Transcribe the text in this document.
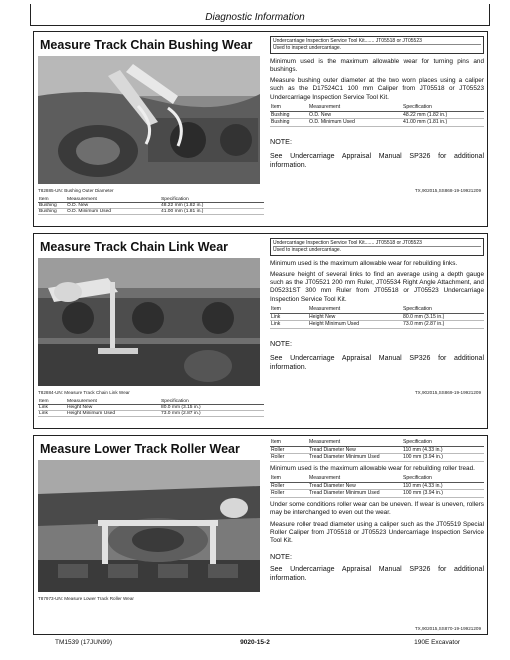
Diagnostic Information
Measure Track Chain Bushing Wear
T82885-UN: Bushing Outer Diameter	TX,902015,SS868-19-19921209
Item	Measurement	Specification
Bushing	O.D. New	48.22 mm (1.82 in.)
Bushing	O.D. Minimum Used	41.00 mm (1.81 in.)
Undercarriage Inspection Service Tool Kit....... JT05518 or JT05523
Used to inspect undercarriage.
Minimum used is the maximum allowable wear for turning pins and bushings.
Measure bushing outer diameter at the two worn places using a caliper such as the D17524C1 100 mm Caliper from JT05518 or JT05523 Undercarriage Inspection Service Tool Kit.
Item	Measurement	Specification
Bushing	O.D. New	48.22 mm (1.82 in.)
Bushing	O.D. Minimum Used	41.00 mm (1.81 in.)
NOTE:
See Undercarriage Appraisal Manual SP326 for additional information.
Measure Track Chain Link Wear
T82884-UN: Measure Track Chain Link Wear	TX,902015,SS869-19-19921209
Item	Measurement	Specification
Link	Height New	80.0 mm (3.15 in.)
Link	Height Minimum Used	73.0 mm (2.87 in.)
Undercarriage Inspection Service Tool Kit....... JT05518 or JT05523
Used to inspect undercarriage.
Minimum used is the maximum allowable wear for rebuilding links.
Measure height of several links to find an average using a depth gauge such as the JT05521 200 mm Ruler, JT05534 Right Angle Attachment, and D05231ST 300 mm Ruler from JT05518 or JT05523 Undercarriage Inspection Service Tool Kit.
Item	Measurement	Specification
Link	Height New	80.0 mm (3.15 in.)
Link	Height Minimum Used	73.0 mm (2.87 in.)
NOTE:
See Undercarriage Appraisal Manual SP326 for additional information.
Measure Lower Track Roller Wear
T87973-UN: Measure Lower Track Roller Wear
TX,902015,SS870-19-19921209
Item	Measurement	Specification
Roller	Tread Diameter New	110 mm (4.33 in.)
Roller	Tread Diameter Minimum Used	100 mm (3.94 in.)
Minimum used is the maximum allowable wear for rebuilding roller tread.
Item	Measurement	Specification
Roller	Tread Diameter New	110 mm (4.33 in.)
Roller	Tread Diameter Minimum Used	100 mm (3.94 in.)
Under some conditions roller wear can be uneven. If wear is uneven, rollers may be interchanged to even out the wear.
Measure roller tread diameter using a caliper such as the JT05519 Special Roller Caliper from JT05518 or JT05523 Undercarriage Inspection Service Tool Kit.
NOTE:
See Undercarriage Appraisal Manual SP326 for additional information.
TM1539 (17JUN99)	9020-15-2	190E Excavator
